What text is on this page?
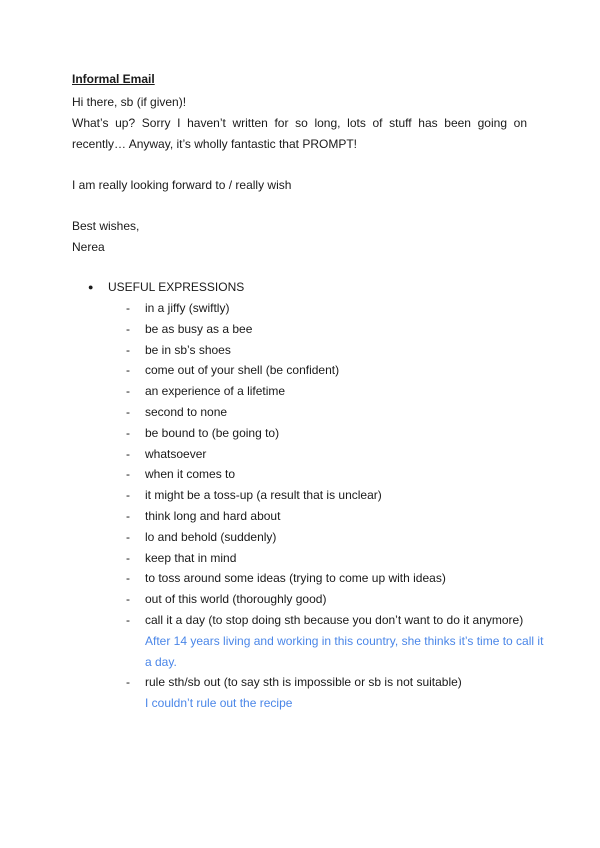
Informal Email
Hi there, sb (if given)!
What’s up? Sorry I haven’t written for so long, lots of stuff has been going on recently… Anyway, it’s wholly fantastic that PROMPT!
I am really looking forward to / really wish
Best wishes,
Nerea
● USEFUL EXPRESSIONS
- in a jiffy (swiftly)
- be as busy as a bee
- be in sb’s shoes
- come out of your shell (be confident)
- an experience of a lifetime
- second to none
- be bound to (be going to)
- whatsoever
- when it comes to
- it might be a toss-up (a result that is unclear)
- think long and hard about
- lo and behold (suddenly)
- keep that in mind
- to toss around some ideas (trying to come up with ideas)
- out of this world (thoroughly good)
- call it a day (to stop doing sth because you don’t want to do it anymore)
After 14 years living and working in this country, she thinks it’s time to call it a day.
- rule sth/sb out (to say sth is impossible or sb is not suitable)
I couldn’t rule out the recipe
